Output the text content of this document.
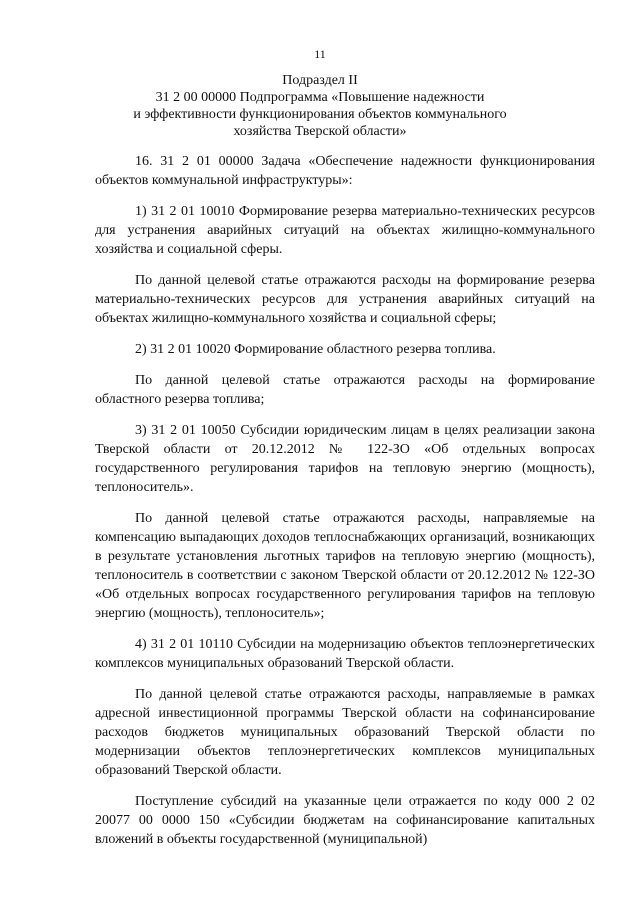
11
Подраздел II
31 2 00 00000 Подпрограмма «Повышение надежности
и эффективности функционирования объектов коммунального
хозяйства Тверской области»

16. 31 2 01 00000 Задача «Обеспечение надежности функционирования объектов коммунальной инфраструктуры»:

1) 31 2 01 10010 Формирование резерва материально-технических ресурсов для устранения аварийных ситуаций на объектах жилищно-коммунального хозяйства и социальной сферы.

По данной целевой статье отражаются расходы на формирование резерва материально-технических ресурсов для устранения аварийных ситуаций на объектах жилищно-коммунального хозяйства и социальной сферы;

2) 31 2 01 10020 Формирование областного резерва топлива.

По данной целевой статье отражаются расходы на формирование областного резерва топлива;

3) 31 2 01 10050 Субсидии юридическим лицам в целях реализации закона Тверской области от 20.12.2012 № 122-ЗО «Об отдельных вопросах государственного регулирования тарифов на тепловую энергию (мощность), теплоноситель».

По данной целевой статье отражаются расходы, направляемые на компенсацию выпадающих доходов теплоснабжающих организаций, возникающих в результате установления льготных тарифов на тепловую энергию (мощность), теплоноситель в соответствии с законом Тверской области от 20.12.2012 № 122-ЗО «Об отдельных вопросах государственного регулирования тарифов на тепловую энергию (мощность), теплоноситель»;

4) 31 2 01 10110 Субсидии на модернизацию объектов теплоэнергетических комплексов муниципальных образований Тверской области.

По данной целевой статье отражаются расходы, направляемые в рамках адресной инвестиционной программы Тверской области на софинансирование расходов бюджетов муниципальных образований Тверской области по модернизации объектов теплоэнергетических комплексов муниципальных образований Тверской области.

Поступление субсидий на указанные цели отражается по коду 000 2 02 20077 00 0000 150 «Субсидии бюджетам на софинансирование капитальных вложений в объекты государственной (муниципальной)
